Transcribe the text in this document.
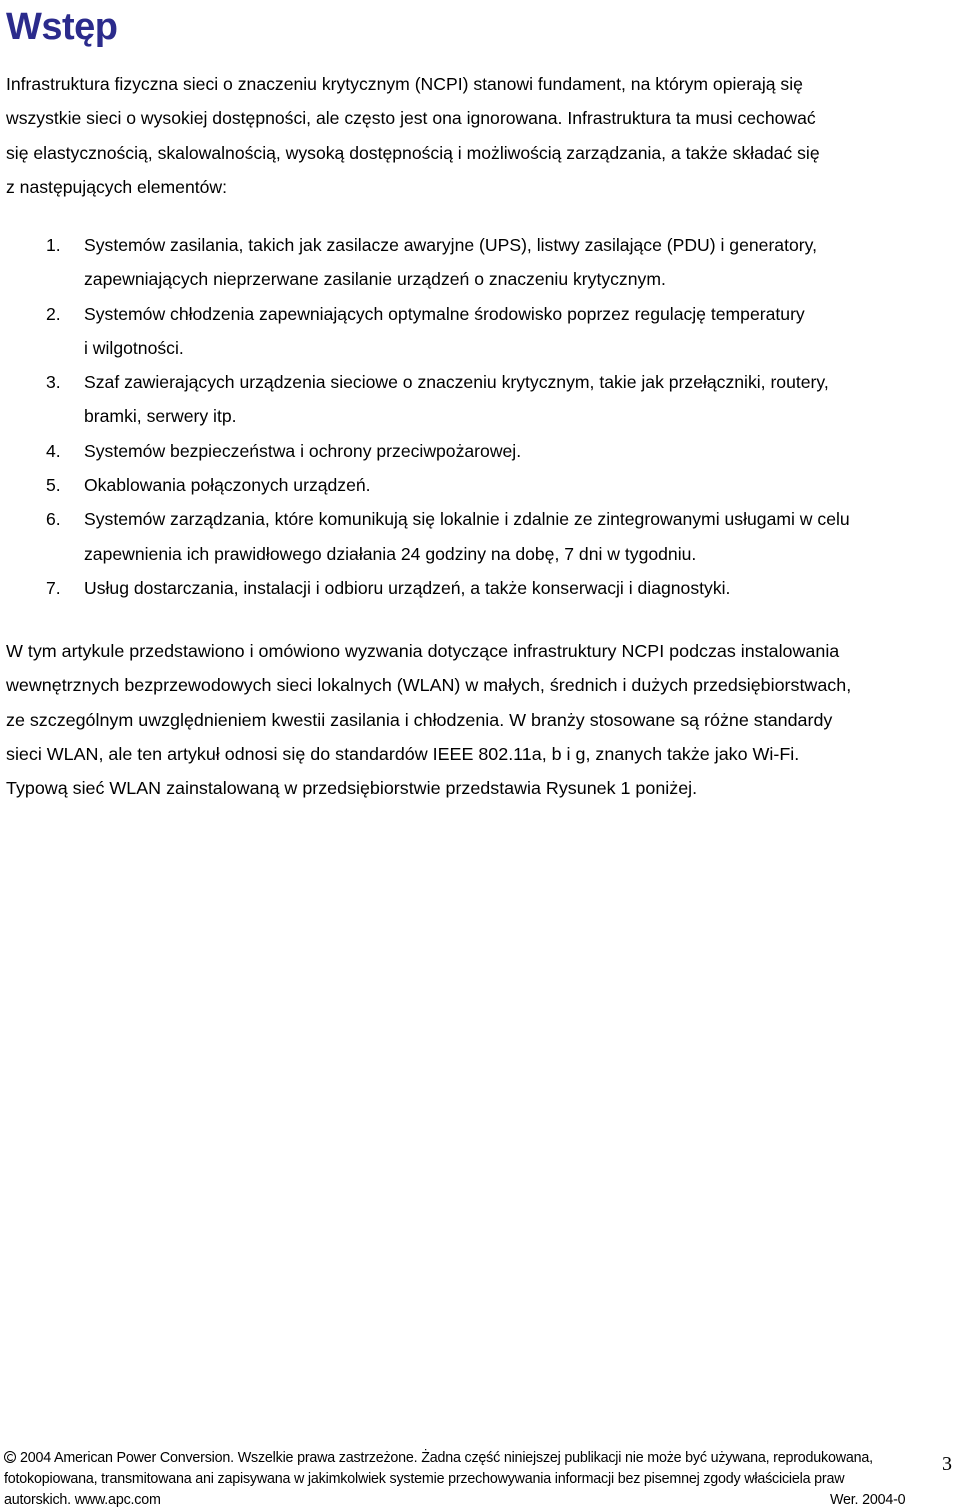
Wstęp

Infrastruktura fizyczna sieci o znaczeniu krytycznym (NCPI) stanowi fundament, na którym opierają się
wszystkie sieci o wysokiej dostępności, ale często jest ona ignorowana. Infrastruktura ta musi cechować
się elastycznością, skalowalnością, wysoką dostępnością i możliwością zarządzania, a także składać się
z następujących elementów:

1. Systemów zasilania, takich jak zasilacze awaryjne (UPS), listwy zasilające (PDU) i generatory,
zapewniających nieprzerwane zasilanie urządzeń o znaczeniu krytycznym.
2. Systemów chłodzenia zapewniających optymalne środowisko poprzez regulację temperatury
i wilgotności.
3. Szaf zawierających urządzenia sieciowe o znaczeniu krytycznym, takie jak przełączniki, routery,
bramki, serwery itp.
4. Systemów bezpieczeństwa i ochrony przeciwpożarowej.
5. Okablowania połączonych urządzeń.
6. Systemów zarządzania, które komunikują się lokalnie i zdalnie ze zintegrowanymi usługami w celu
zapewnienia ich prawidłowego działania 24 godziny na dobę, 7 dni w tygodniu.
7. Usług dostarczania, instalacji i odbioru urządzeń, a także konserwacji i diagnostyki.

W tym artykule przedstawiono i omówiono wyzwania dotyczące infrastruktury NCPI podczas instalowania
wewnętrznych bezprzewodowych sieci lokalnych (WLAN) w małych, średnich i dużych przedsiębiorstwach,
ze szczególnym uwzględnieniem kwestii zasilania i chłodzenia. W branży stosowane są różne standardy
sieci WLAN, ale ten artykuł odnosi się do standardów IEEE 802.11a, b i g, znanych także jako Wi-Fi.
Typową sieć WLAN zainstalowaną w przedsiębiorstwie przedstawia Rysunek 1 poniżej.

2004 American Power Conversion. Wszelkie prawa zastrzeżone. Żadna część niniejszej publikacji nie może być używana, reprodukowana,
fotokopiowana, transmitowana ani zapisywana w jakimkolwiek systemie przechowywania informacji bez pisemnej zgody właściciela praw
autorskich. www.apc.com	Wer. 2004-0
3
